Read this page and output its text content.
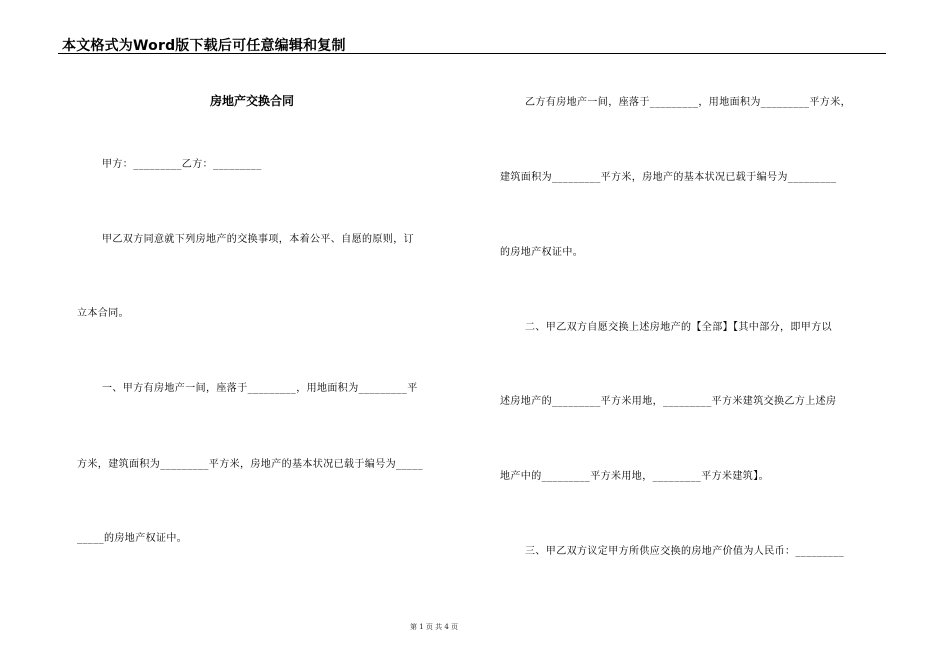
本文格式为Word版下载后可任意编辑和复制
房地产交换合同
甲方：_________乙方：_________
甲乙双方同意就下列房地产的交换事项，本着公平、自愿的原则，订
立本合同。
一、甲方有房地产一间，座落于_________，用地面积为_________平
方米，建筑面积为_________平方米，房地产的基本状况已载于编号为_____
_____的房地产权证中。
乙方有房地产一间，座落于_________，用地面积为_________平方米，
建筑面积为_________平方米，房地产的基本状况已载于编号为_________
的房地产权证中。
二、甲乙双方自愿交换上述房地产的【全部】【其中部分，即甲方以
述房地产的_________平方米用地，_________平方米建筑交换乙方上述房
地产中的_________平方米用地，_________平方米建筑】。
三、甲乙双方议定甲方所供应交换的房地产价值为人民币：_________
第 1 页 共 4 页
